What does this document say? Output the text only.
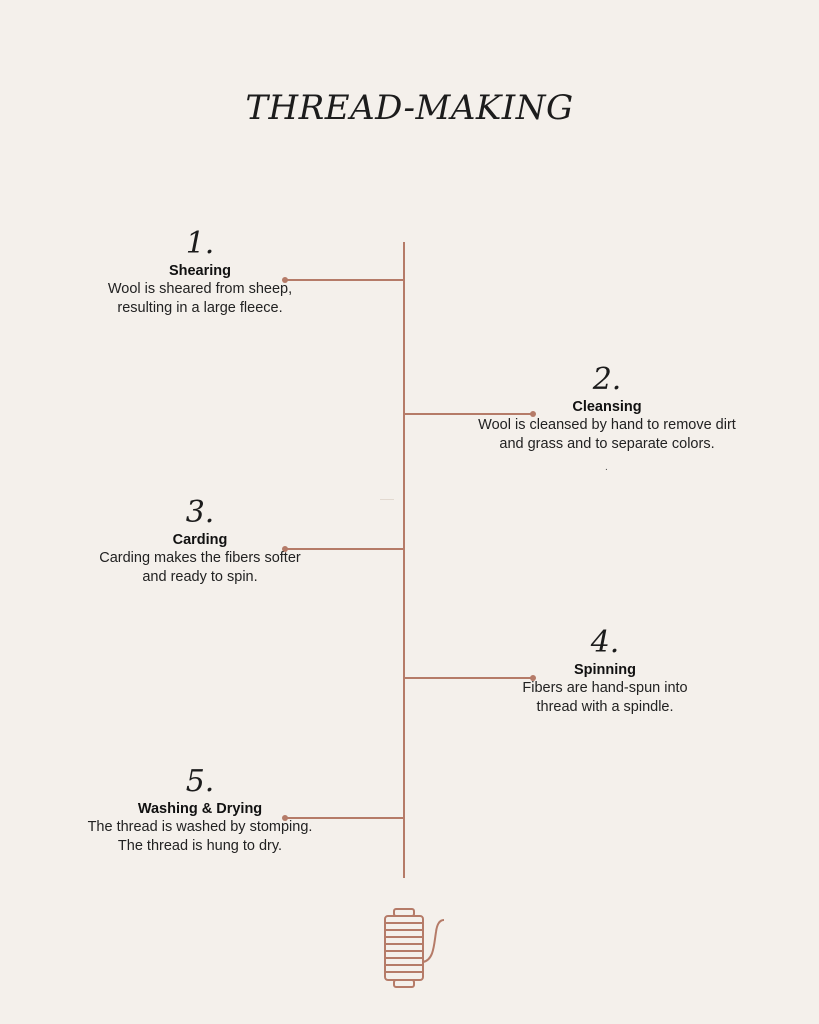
THREAD-MAKING
1.
Shearing
Wool is sheared from sheep,
resulting in a large fleece.
2.
Cleansing
Wool is cleansed by hand to remove dirt
and grass and to separate colors.
.
3.
Carding
Carding makes the fibers softer
and ready to spin.
4.
Spinning
Fibers are hand-spun into
thread with a spindle.
5.
Washing & Drying
The thread is washed by stomping.
The thread is hung to dry.
